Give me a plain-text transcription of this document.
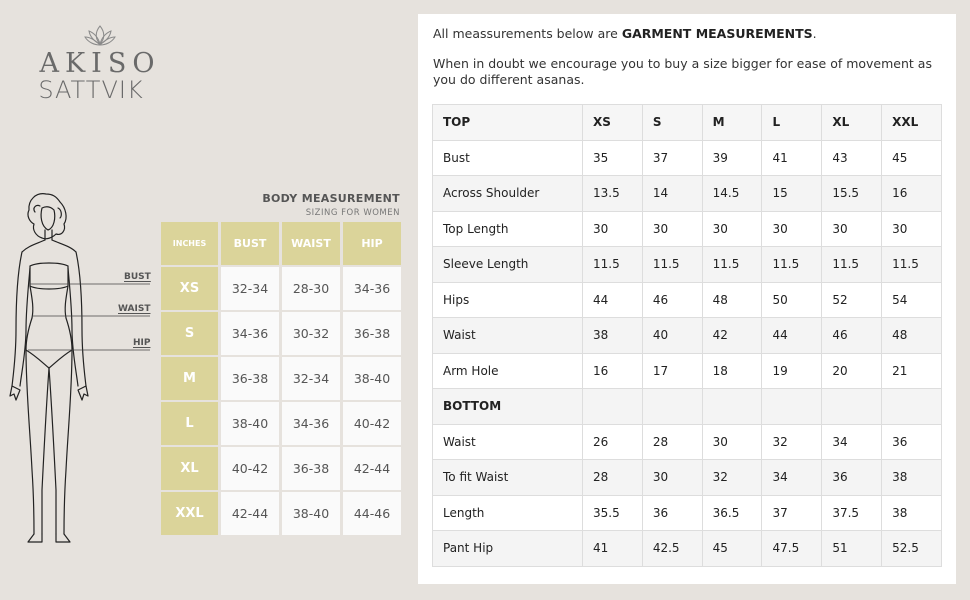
AKISO
SATTVIK
BUST
WAIST
HIP
BODY MEASUREMENT
SIZING FOR WOMEN
INCHES	BUST	WAIST	HIP
XS	32-34	28-30	34-36
S	34-36	30-32	36-38
M	36-38	32-34	38-40
L	38-40	34-36	40-42
XL	40-42	36-38	42-44
XXL	42-44	38-40	44-46

All meassurements below are GARMENT MEASUREMENTS.

When in doubt we encourage you to buy a size bigger for ease of movement as you do different asanas.

TOP	XS	S	M	L	XL	XXL
Bust	35	37	39	41	43	45
Across Shoulder	13.5	14	14.5	15	15.5	16
Top Length	30	30	30	30	30	30
Sleeve Length	11.5	11.5	11.5	11.5	11.5	11.5
Hips	44	46	48	50	52	54
Waist	38	40	42	44	46	48
Arm Hole	16	17	18	19	20	21
BOTTOM						
Waist	26	28	30	32	34	36
To fit Waist	28	30	32	34	36	38
Length	35.5	36	36.5	37	37.5	38
Pant Hip	41	42.5	45	47.5	51	52.5
